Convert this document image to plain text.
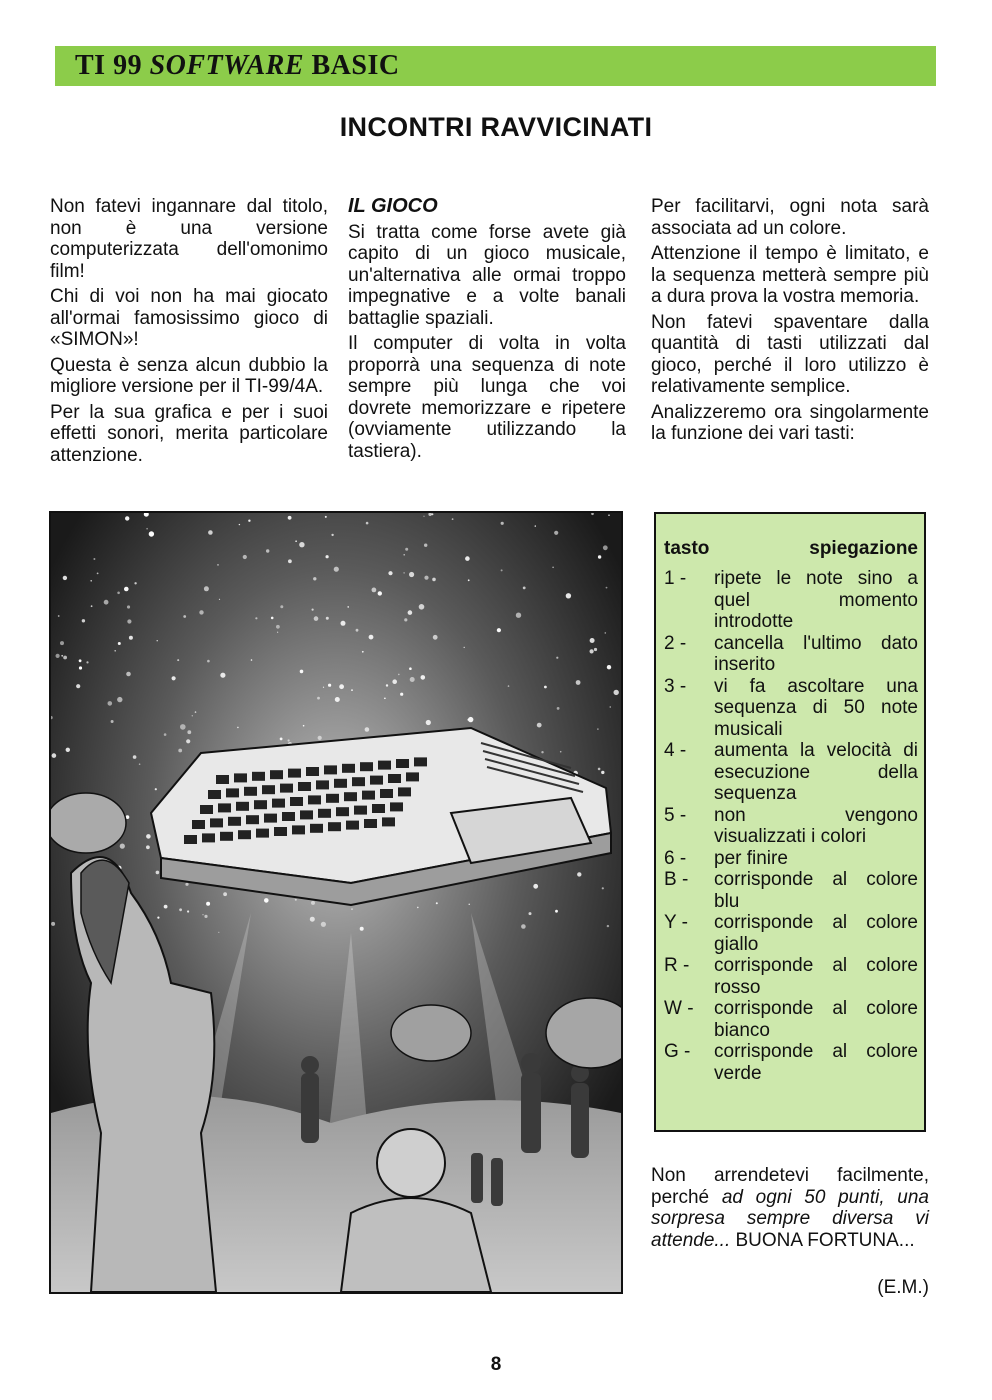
TI 99 SOFTWARE BASIC
INCONTRI RAVVICINATI

Non fatevi ingannare dal titolo, non è una versione computerizzata dell'omonimo film!

Chi di voi non ha mai giocato all'ormai famosissimo gioco di «SIMON»!

Questa è senza alcun dubbio la migliore versione per il TI-99/4A.

Per la sua grafica e per i suoi effetti sonori, merita particolare attenzione.

IL GIOCO

Si tratta come forse avete già capito di un gioco musicale, un'alternativa alle ormai troppo impegnative e a volte banali battaglie spaziali.

Il computer di volta in volta proporrà una sequenza di note sempre più lunga che voi dovrete memorizzare e ripetere (ovviamente utilizzando la tastiera).

Per facilitarvi, ogni nota sarà associata ad un colore.

Attenzione il tempo è limitato, e la sequenza metterà sempre più a dura prova la vostra memoria.

Non fatevi spaventare dalla quantità di tasti utilizzati dal gioco, perché il loro utilizzo è relativamente semplice.

Analizzeremo ora singolarmente la funzione dei vari tasti:

tasto	spiegazione
1 -	ripete le note sino a quel momento introdotte
2 -	cancella l'ultimo dato inserito
3 -	vi fa ascoltare una sequenza di 50 note musicali
4 -	aumenta la velocità di esecuzione della sequenza
5 -	non vengono visualizzati i colori
6 -	per finire
B -	corrisponde al colore blu
Y -	corrisponde al colore giallo
R -	corrisponde al colore rosso
W -	corrisponde al colore bianco
G -	corrisponde al colore verde
Non arrendetevi facilmente, perché ad ogni 50 punti, una sorpresa sempre diversa vi attende... BUONA FORTUNA...
(E.M.)
8
